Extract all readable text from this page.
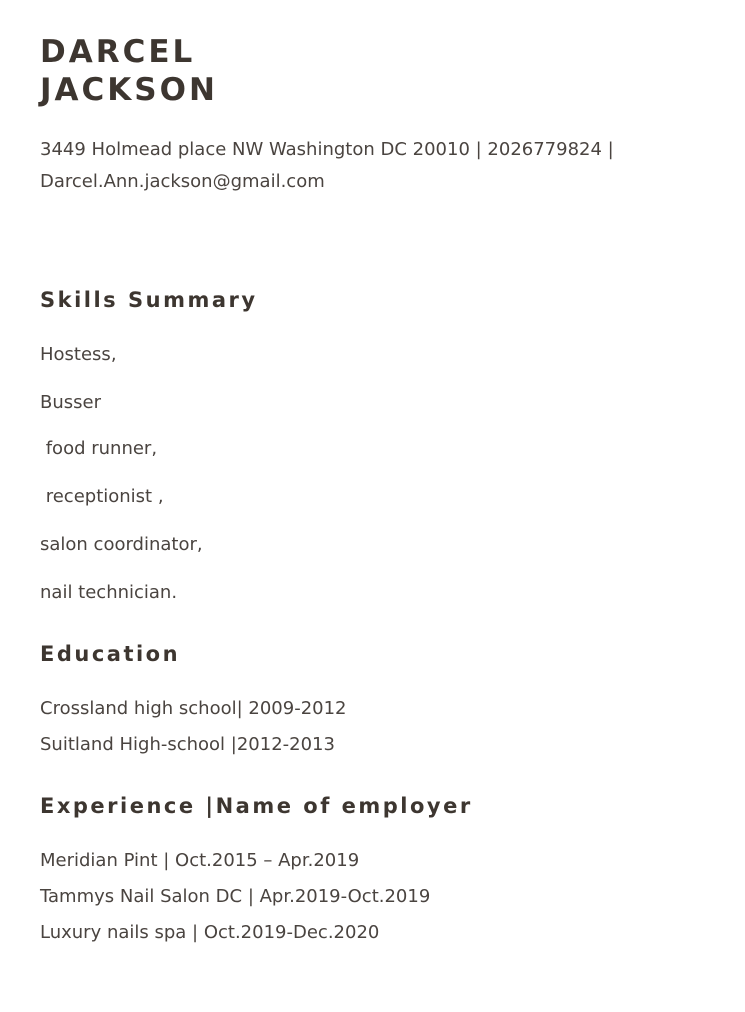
DARCEL
JACKSON
3449 Holmead place NW Washington DC 20010 | 2026779824 |
Darcel.Ann.jackson@gmail.com
Skills Summary
Hostess,
Busser
food runner,
receptionist ,
salon coordinator,
nail technician.
Education
Crossland high school| 2009-2012
Suitland High-school |2012-2013
Experience |Name of employer
Meridian Pint | Oct.2015 – Apr.2019
Tammys Nail Salon DC | Apr.2019-Oct.2019
Luxury nails spa | Oct.2019-Dec.2020
